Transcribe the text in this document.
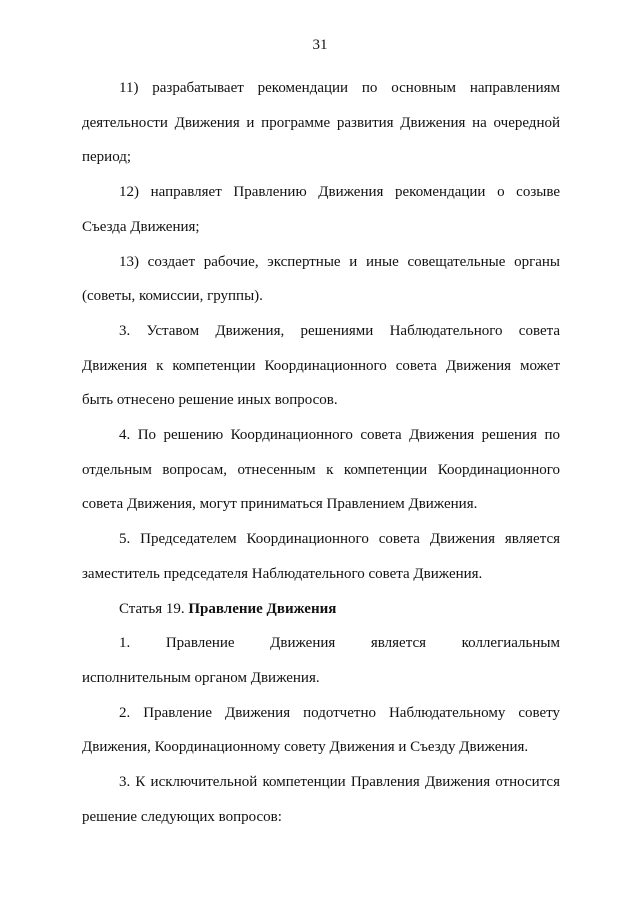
31

11) разрабатывает рекомендации по основным направлениям деятельности Движения и программе развития Движения на очередной период;

12) направляет Правлению Движения рекомендации о созыве Съезда Движения;

13) создает рабочие, экспертные и иные совещательные органы (советы, комиссии, группы).

3. Уставом Движения, решениями Наблюдательного совета Движения к компетенции Координационного совета Движения может быть отнесено решение иных вопросов.

4. По решению Координационного совета Движения решения по отдельным вопросам, отнесенным к компетенции Координационного совета Движения, могут приниматься Правлением Движения.

5. Председателем Координационного совета Движения является заместитель председателя Наблюдательного совета Движения.

Статья 19. Правление Движения

1. Правление Движения является коллегиальным

исполнительным органом Движения.

2. Правление Движения подотчетно Наблюдательному совету Движения, Координационному совету Движения и Съезду Движения.

3. К исключительной компетенции Правления Движения относится решение следующих вопросов:
